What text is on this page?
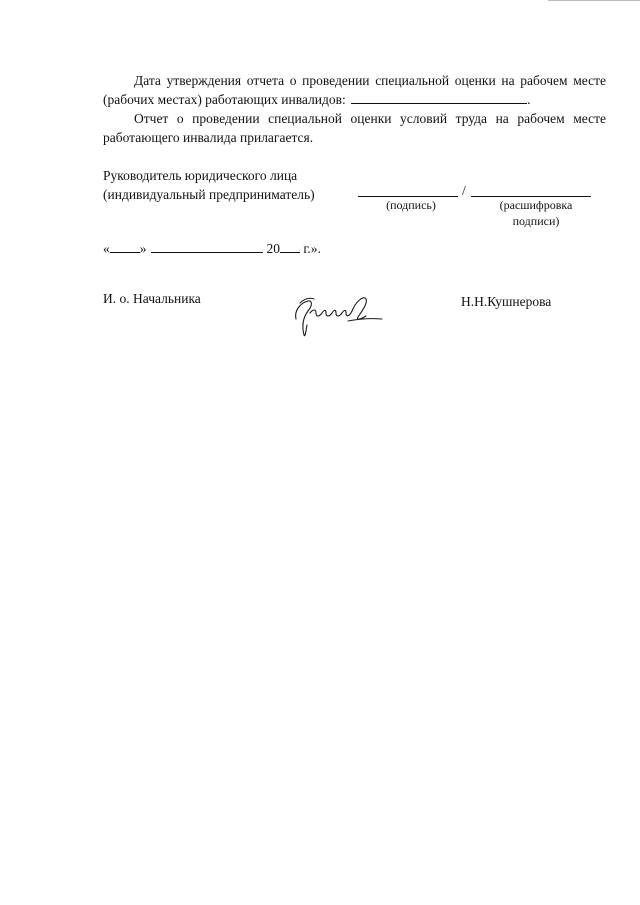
Дата утверждения отчета о проведении специальной оценки на рабочем месте (рабочих местах) работающих инвалидов:	.

Отчет о проведении специальной оценки условий труда на рабочем месте работающего инвалида прилагается.

Руководитель юридического лица
(индивидуальный предприниматель)	/
(подпись)	(расшифровка подписи)
« »	20 г.».
И. о. Начальника	Н.Н.Кушнерова
